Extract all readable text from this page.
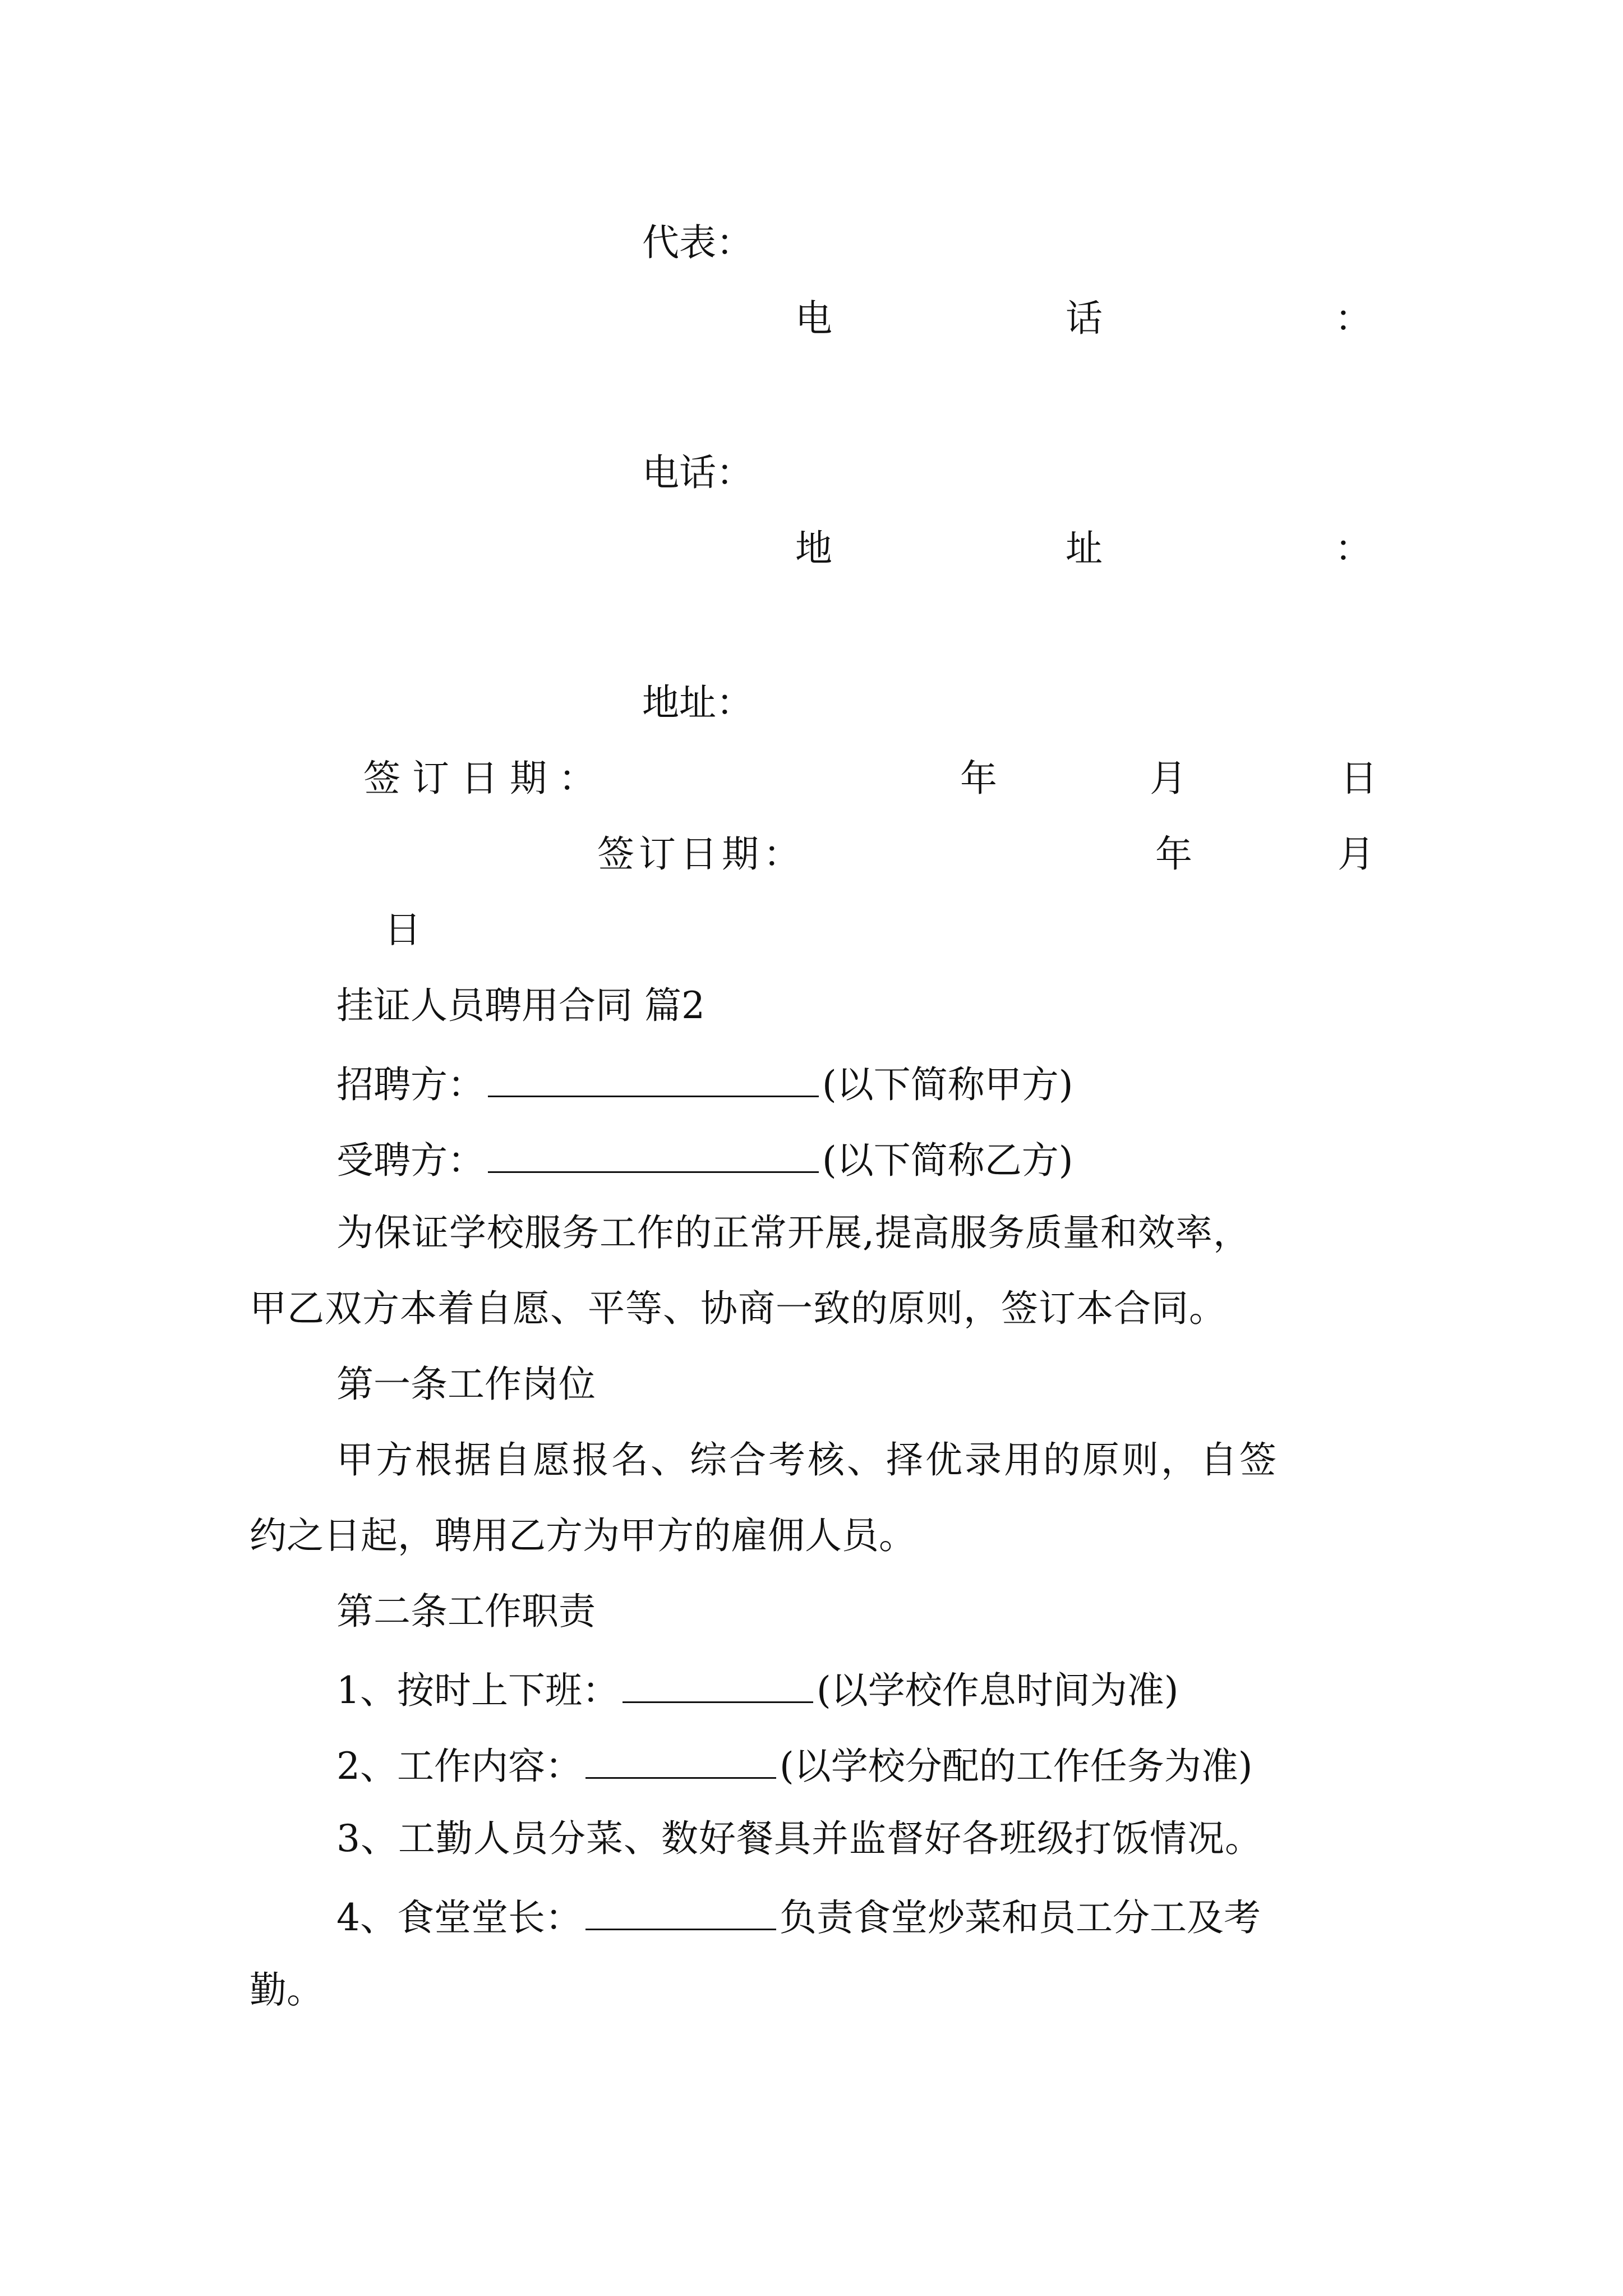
代表：
电	话	：
电话：
地	址	：
地址：
签 订 日 期 ：	年	月	日
签订日期：	年	月
日
挂证人员聘用合同 篇2
招聘方：	(以下简称甲方)
受聘方：	(以下简称乙方)
为保证学校服务工作的正常开展,提高服务质量和效率，
甲乙双方本着自愿、平等、协商一致的原则，签订本合同。
第一条工作岗位
甲方根据自愿报名、综合考核、择优录用的原则，自签
约之日起，聘用乙方为甲方的雇佣人员。
第二条工作职责
1、按时上下班：	(以学校作息时间为准)
2、工作内容：	(以学校分配的工作任务为准)
3、工勤人员分菜、数好餐具并监督好各班级打饭情况。
4、食堂堂长：	负责食堂炒菜和员工分工及考
勤。
